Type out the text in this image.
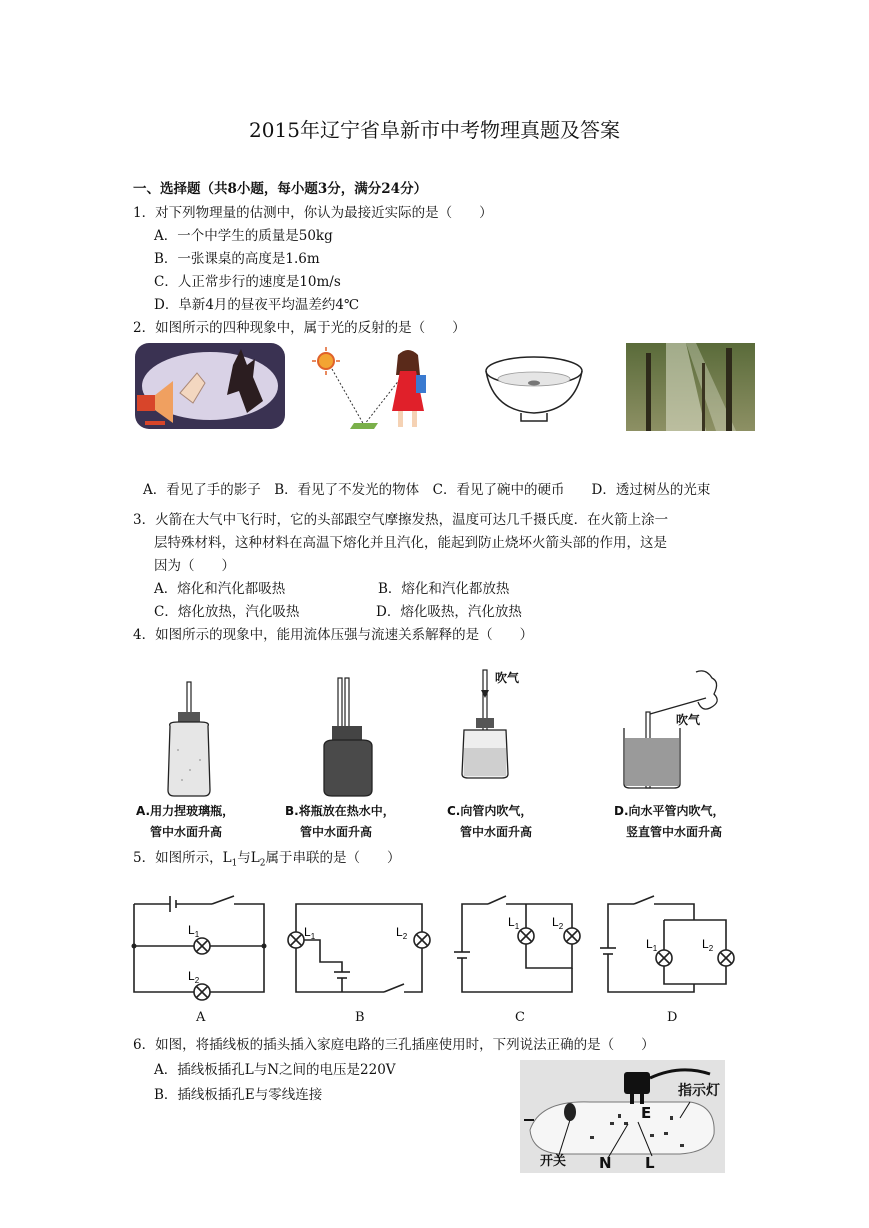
2015年辽宁省阜新市中考物理真题及答案
一、选择题（共8小题，每小题3分，满分24分）
1．对下列物理量的估测中，你认为最接近实际的是（　　）
A．一个中学生的质量是50kg
B．一张课桌的高度是1.6m
C．人正常步行的速度是10m/s
D．阜新4月的昼夜平均温差约4℃
2．如图所示的四种现象中，属于光的反射的是（　　）
A．看见了手的影子　B．看见了不发光的物体　C．看见了碗中的硬币　　D．透过树丛的光束
3．火箭在大气中飞行时，它的头部跟空气摩擦发热，温度可达几千摄氏度．在火箭上涂一
层特殊材料，这种材料在高温下熔化并且汽化，能起到防止烧坏火箭头部的作用，这是
因为（　　）
A．熔化和汽化都吸热	B．熔化和汽化都放热
C．熔化放热，汽化吸热	D．熔化吸热，汽化放热
4．如图所示的现象中，能用流体压强与流速关系解释的是（　　）
吹气
吹气
A.用力捏玻璃瓶，
管中水面升高
B.将瓶放在热水中，
管中水面升高
C.向管内吹气，
管中水面升高
D.向水平管内吹气，
竖直管中水面升高
5．如图所示，$L_1$与$L_2$属于串联的是（　　）
$L_1$
$L_2$
A
$L_1$	$L_2$
B
$L_1$	$L_2$
C
$L_1$	$L_2$
D
6．如图，将插线板的插头插入家庭电路的三孔插座使用时，下列说法正确的是（　　）
A．插线板插孔L与N之间的电压是220V
B．插线板插孔E与零线连接	指示灯
E
开关 N L
